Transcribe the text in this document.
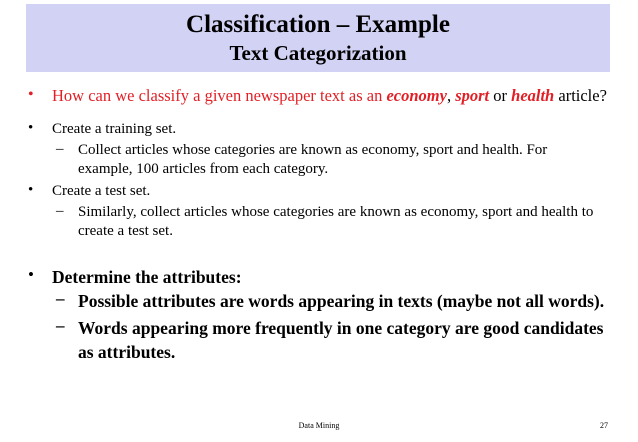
Classification – Example
Text Categorization
•	How can we classify a given newspaper text as an economy, sport or health article?
•	Create a training set.
– Collect articles whose categories are known as economy, sport and health. For example, 100 articles from each category.
•	Create a test set.
– Similarly, collect articles whose categories are known as economy, sport and health to create a test set.
•	Determine the attributes:
– Possible attributes are words appearing in texts (maybe not all words).
– Words appearing more frequently in one category are good candidates as attributes.
Data Mining	27
